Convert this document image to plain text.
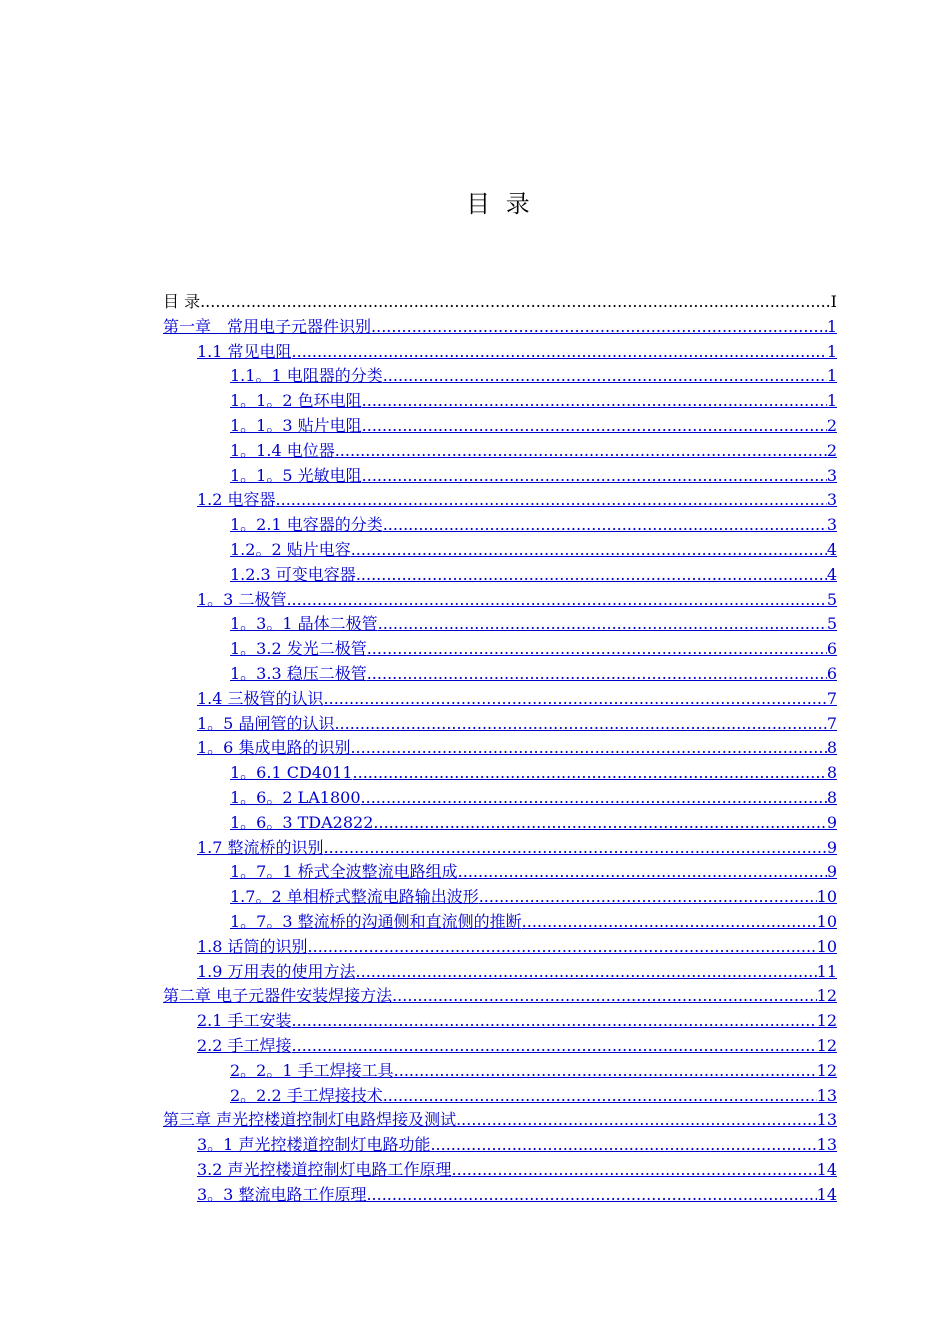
目 录
目 录 .....	I
第一章　常用电子元器件识别 .....	1
1.1 常见电阻 .....	1
1.1。1 电阻器的分类 .....	1
1。1。2 色环电阻 .....	1
1。1。3 贴片电阻 .....	2
1。1.4 电位器 .....	2
1。1。5 光敏电阻 .....	3
1.2 电容器 .....	3
1。2.1 电容器的分类 .....	3
1.2。2 贴片电容 .....	4
1.2.3 可变电容器 .....	4
1。3 二极管 .....	5
1。3。1 晶体二极管 .....	5
1。3.2 发光二极管 .....	6
1。3.3 稳压二极管 .....	6
1.4 三极管的认识 .....	7
1。5 晶闸管的认识 .....	7
1。6 集成电路的识别 .....	8
1。6.1 CD4011 .....	8
1。6。2 LA1800 .....	8
1。6。3 TDA2822 .....	9
1.7 整流桥的识别 .....	9
1。7。1 桥式全波整流电路组成 .....	9
1.7。2 单相桥式整流电路输出波形 .....	10
1。7。3 整流桥的沟通侧和直流侧的推断 .....	10
1.8 话筒的识别 .....	10
1.9 万用表的使用方法 .....	11
第二章 电子元器件安装焊接方法 .....	12
2.1 手工安装 .....	12
2.2 手工焊接 .....	12
2。2。1 手工焊接工具 .....	12
2。2.2 手工焊接技术 .....	13
第三章 声光控楼道控制灯电路焊接及测试 .....	13
3。1 声光控楼道控制灯电路功能 .....	13
3.2 声光控楼道控制灯电路工作原理 .....	14
3。3 整流电路工作原理 .....	14
